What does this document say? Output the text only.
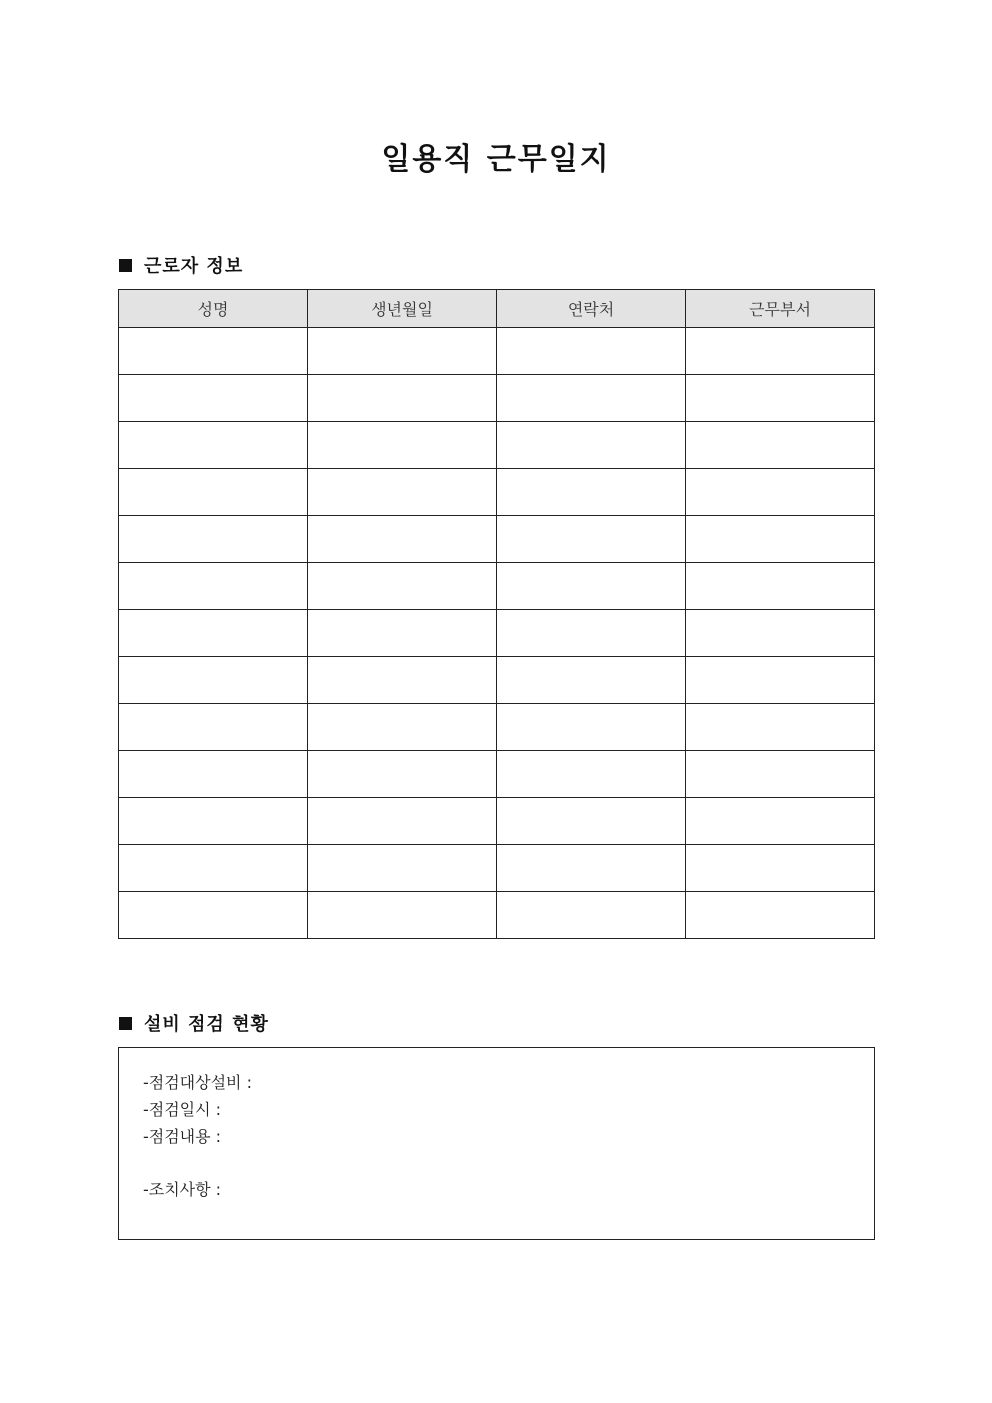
일용직 근무일지
근로자 정보
성명	생년월일	연락처	근무부서

설비 점검 현황
-점검대상설비 :
-점검일시 :
-점검내용 :
-조치사항 :
